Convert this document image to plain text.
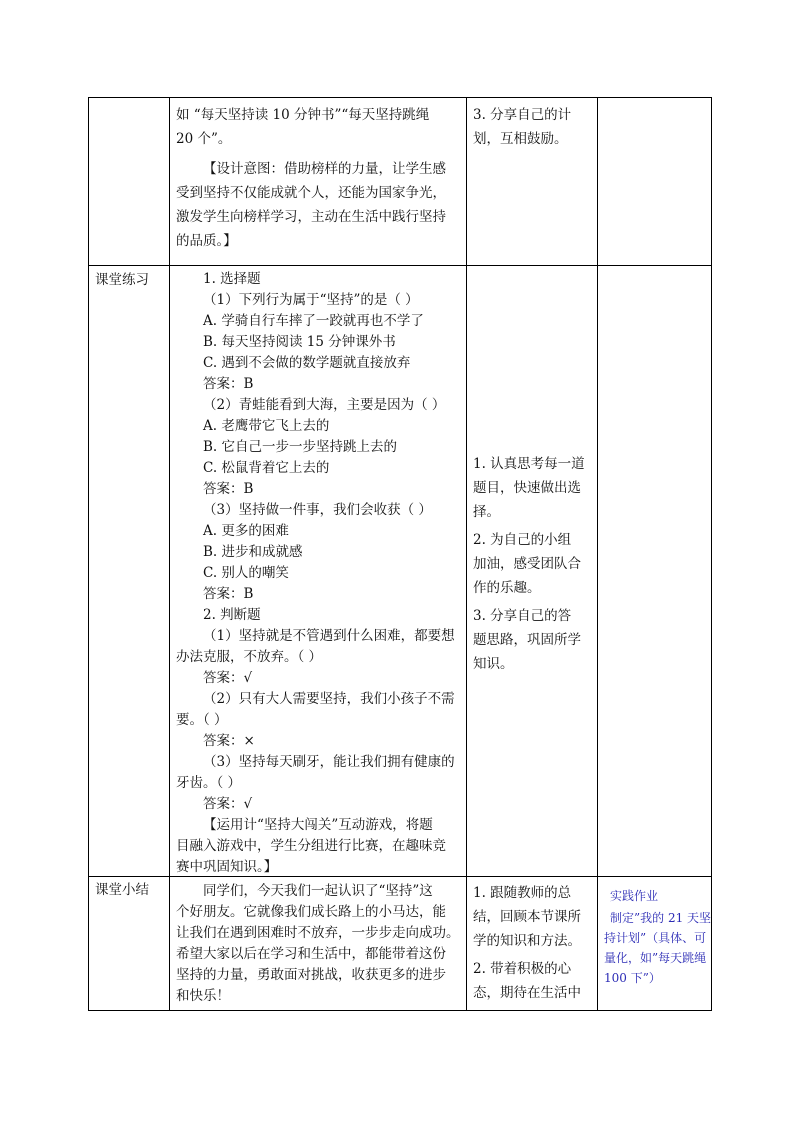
如 “每天坚持读 10 分钟书”“每天坚持跳绳
20 个”。
【设计意图：借助榜样的力量，让学生感
受到坚持不仅能成就个人，还能为国家争光，
激发学生向榜样学习，主动在生活中践行坚持
的品质。】
3. 分享自己的计
划，互相鼓励。
课堂练习	1. 选择题
（1）下列行为属于“坚持”的是（ ）
A. 学骑自行车摔了一跤就再也不学了
B. 每天坚持阅读 15 分钟课外书
C. 遇到不会做的数学题就直接放弃
答案：B
（2）青蛙能看到大海，主要是因为（ ）
A. 老鹰带它飞上去的
B. 它自己一步一步坚持跳上去的
C. 松鼠背着它上去的
答案：B
（3）坚持做一件事，我们会收获（ ）
A. 更多的困难
B. 进步和成就感
C. 别人的嘲笑
答案：B
2. 判断题
（1）坚持就是不管遇到什么困难，都要想
办法克服，不放弃。（ ）
答案：√
（2）只有大人需要坚持，我们小孩子不需
要。（ ）
答案：×
（3）坚持每天刷牙，能让我们拥有健康的
牙齿。（ ）
答案：√
【运用计“坚持大闯关”互动游戏，将题
目融入游戏中，学生分组进行比赛，在趣味竞
赛中巩固知识。】
1. 认真思考每一道
题目，快速做出选
择。
2. 为自己的小组
加油，感受团队合
作的乐趣。
3. 分享自己的答
题思路，巩固所学
知识。
课堂小结	同学们，今天我们一起认识了“坚持”这
个好朋友。它就像我们成长路上的小马达，能
让我们在遇到困难时不放弃，一步步走向成功。
希望大家以后在学习和生活中，都能带着这份
坚持的力量，勇敢面对挑战，收获更多的进步
和快乐！
1. 跟随教师的总
结，回顾本节课所
学的知识和方法。
2. 带着积极的心
态，期待在生活中
实践作业
制定”我的 21 天坚
持计划”（具体、可
量化，如”每天跳绳
100 下”）
